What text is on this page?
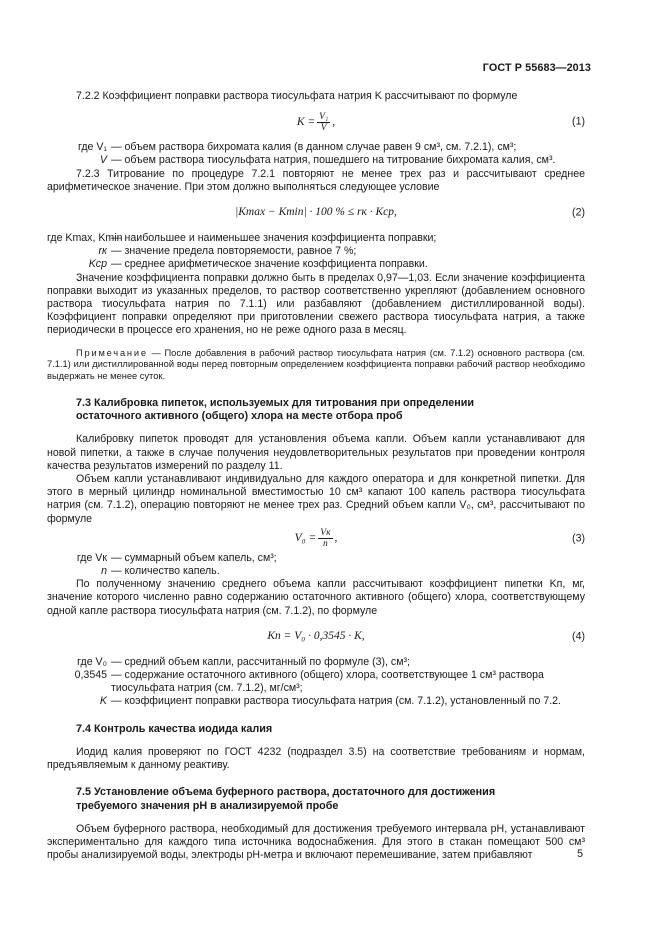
ГОСТ Р 55683—2013

7.2.2 Коэффициент поправки раствора тиосульфата натрия K рассчитывают по формуле

$K = \frac{\text{V₁}}{V}$ ,	(1)
где V₁ — объем раствора бихромата калия (в данном случае равен 9 см³, см. 7.2.1), см³;
V — объем раствора тиосульфата натрия, пошедшего на титрование бихромата калия, см³.

7.2.3 Титрование по процедуре 7.2.1 повторяют не менее трех раз и рассчитывают среднее арифметическое значение. При этом должно выполняться следующее условие

|Kmax − Kmin| · 100 % ≤ rк · Kср,	(2)
где Kmax, Kmin
— наибольшее и наименьшее значения коэффициента поправки;
rк — значение предела повторяемости, равное 7 %;
Kср — среднее арифметическое значение коэффициента поправки.

Значение коэффициента поправки должно быть в пределах 0,97—1,03. Если значение коэффициента поправки выходит из указанных пределов, то раствор соответственно укрепляют (добавлением основного раствора тиосульфата натрия по 7.1.1) или разбавляют (добавлением дистиллированной воды). Коэффициент поправки определяют при приготовлении свежего раствора тиосульфата натрия, а также периодически в процессе его хранения, но не реже одного раза в месяц.

Примечание — После добавления в рабочий раствор тиосульфата натрия (см. 7.1.2) основного раствора (см. 7.1.1) или дистиллированной воды перед повторным определением коэффициента поправки рабочий раствор необходимо выдержать не менее суток.

7.3 Калибровка пипеток, используемых для титрования при определении
остаточного активного (общего) хлора на месте отбора проб

Калибровку пипеток проводят для установления объема капли. Объем капли устанавливают для новой пипетки, а также в случае получения неудовлетворительных результатов при проведении контроля качества результатов измерений по разделу 11.

Объем капли устанавливают индивидуально для каждого оператора и для конкретной пипетки. Для этого в мерный цилиндр номинальной вместимостью 10 см³ капают 100 капель раствора тиосульфата натрия (см. 7.1.2), операцию повторяют не менее трех раз. Средний объем капли V₀, см³, рассчитывают по формуле

$V_0 = \frac{Vк}{n}$ ,	(3)
где Vк — суммарный объем капель, см³;
n — количество капель.

По полученному значению среднего объема капли рассчитывают коэффициент пипетки Kп, мг, значение которого численно равно содержанию остаточного активного (общего) хлора, соответствующему одной капле раствора тиосульфата натрия (см. 7.1.2), по формуле

Kп = V₀ · 0,3545 · K,	(4)
где V₀ — средний объем капли, рассчитанный по формуле (3), см³;
0,3545 — содержание остаточного активного (общего) хлора, соответствующее 1 см³ раствора тиосульфата натрия (см. 7.1.2), мг/см³;
K — коэффициент поправки раствора тиосульфата натрия (см. 7.1.2), установленный по 7.2.
7.4 Контроль качества иодида калия

Иодид калия проверяют по ГОСТ 4232 (подраздел 3.5) на соответствие требованиям и нормам, предъявляемым к данному реактиву.

7.5 Установление объема буферного раствора, достаточного для достижения
требуемого значения рН в анализируемой пробе

Объем буферного раствора, необходимый для достижения требуемого интервала рН, устанавливают экспериментально для каждого типа источника водоснабжения. Для этого в стакан помещают 500 см³ пробы анализируемой воды, электроды рН-метра и включают перемешивание, затем прибавляют	5
